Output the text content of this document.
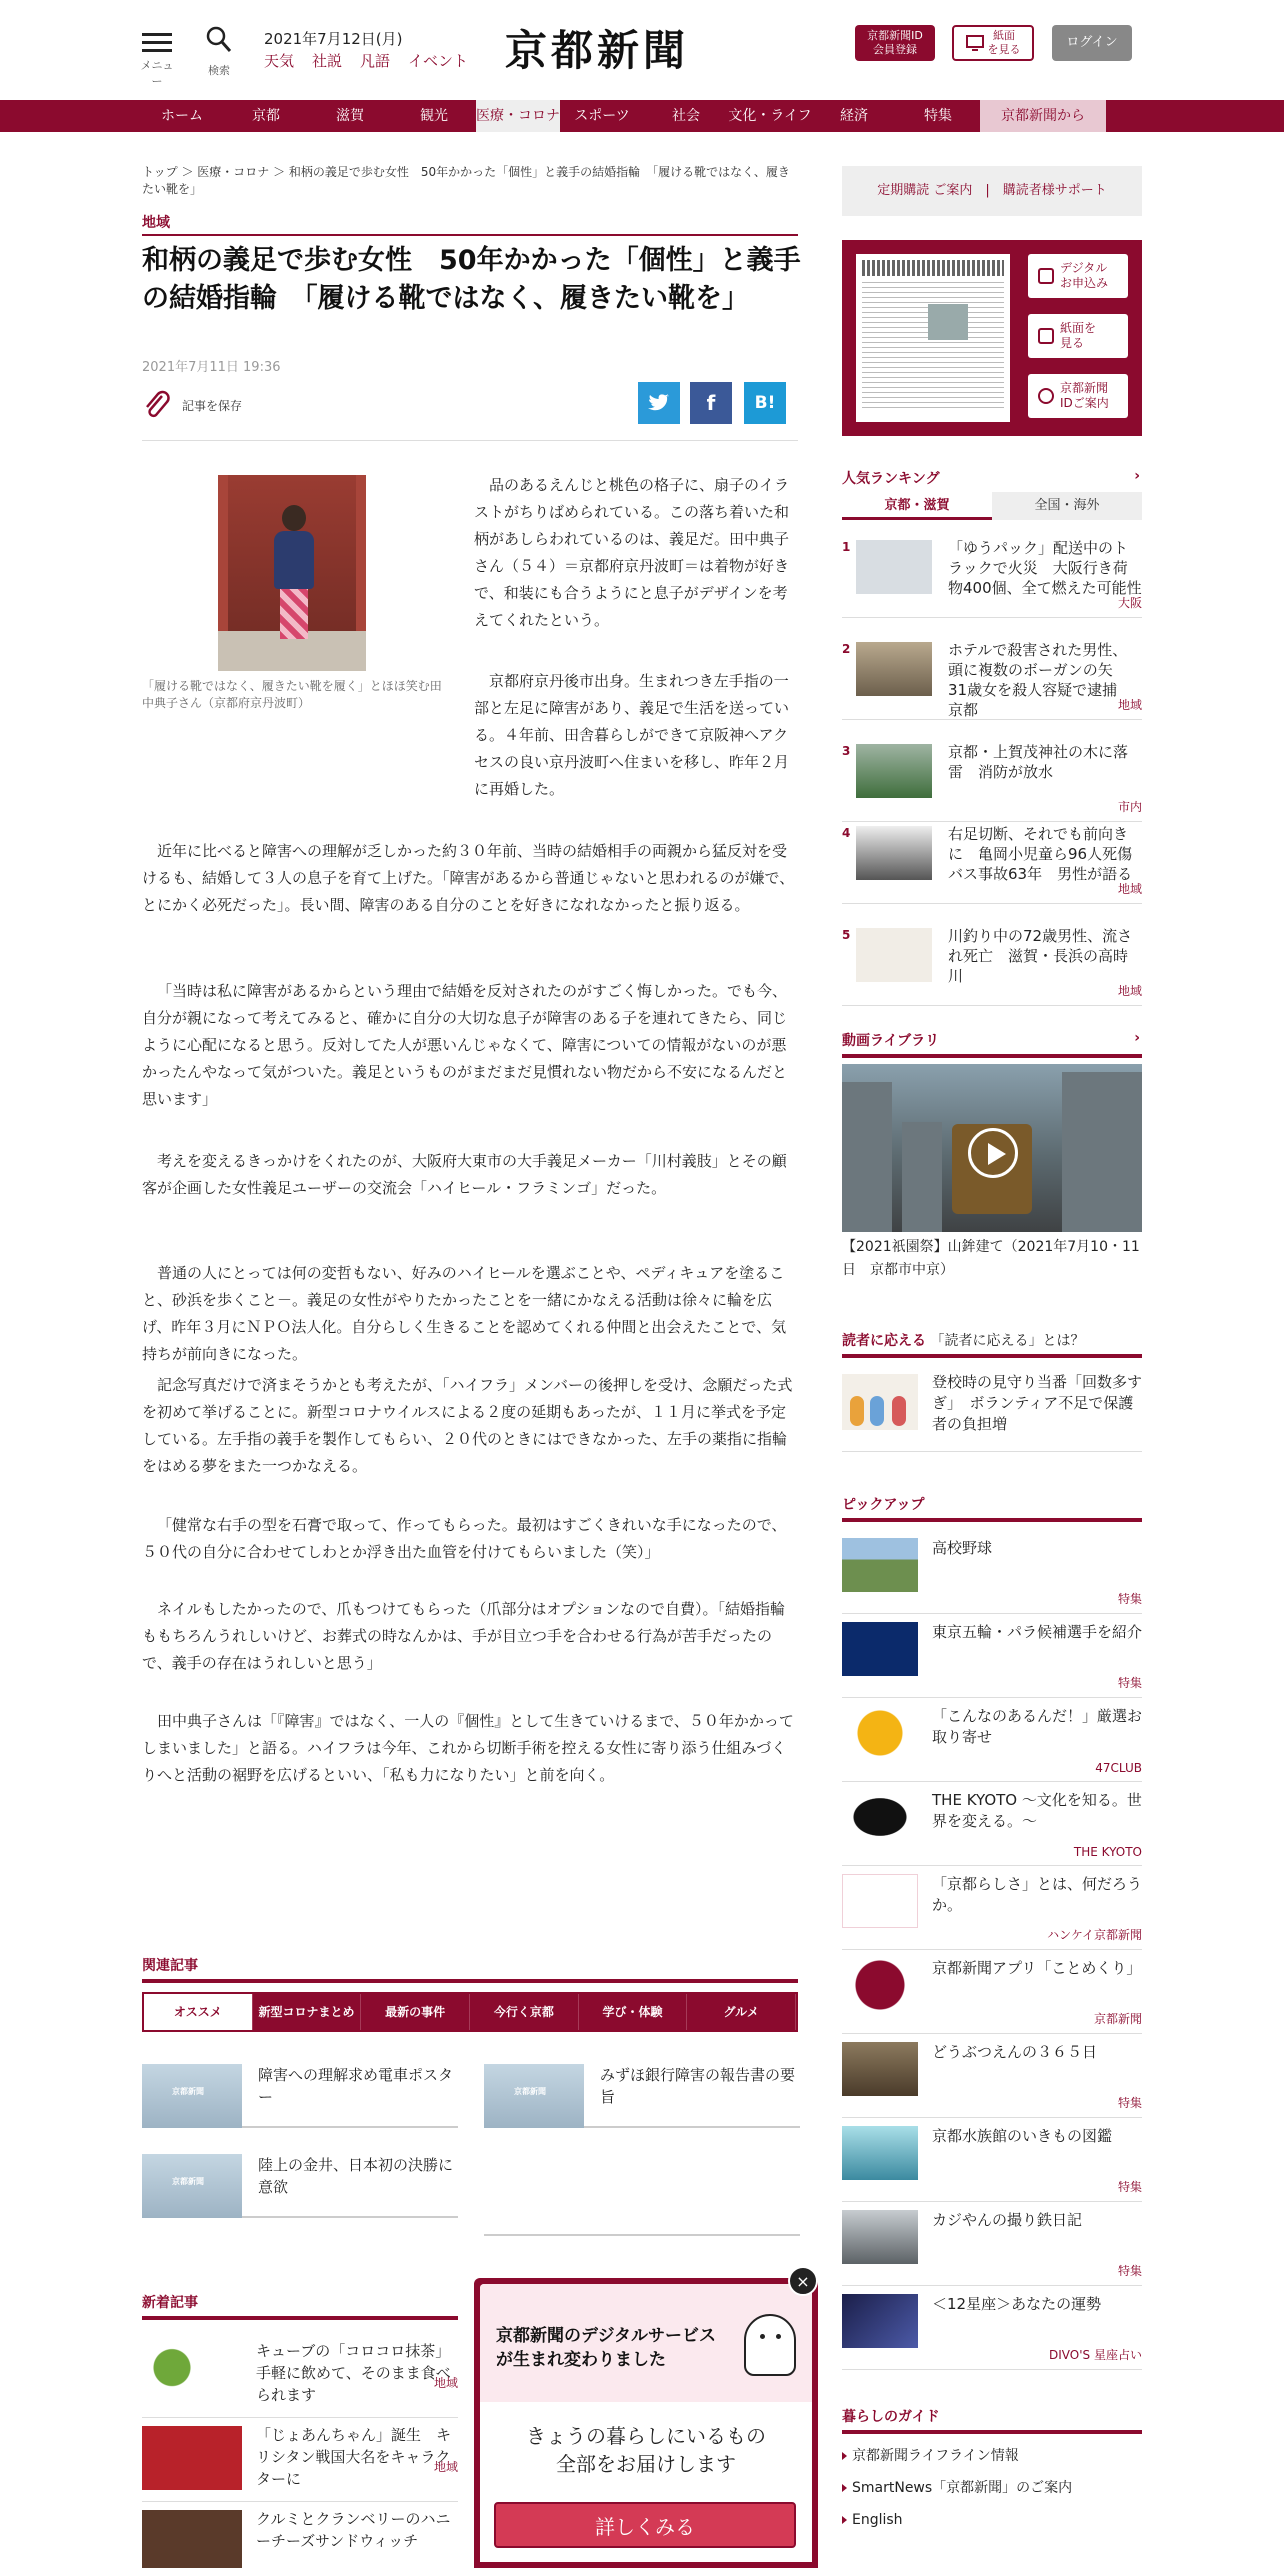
メニュー
検索
2021年7月12日(月)
天気 社説 凡語 イベント 京都新聞	京都新聞ID
会員登録
紙面
を見る	ログイン
ホーム	京都	滋賀	観光	医療・コロナ	スポーツ	社会	文化・ライフ	経済	特集	京都新聞から
トップ ＞ 医療・コロナ ＞ 和柄の義足で歩む女性　50年かかった「個性」と義手の結婚指輪　「履ける靴ではなく、履きたい靴を」
地域
和柄の義足で歩む女性　50年かかった「個性」と義手の結婚指輪　「履ける靴ではなく、履きたい靴を」
2021年7月11日 19:36
記事を保存	f	B!
「履ける靴ではなく、履きたい靴を履く」とほほ笑む田中典子さん（京都府京丹波町）

品のあるえんじと桃色の格子に、扇子のイラストがちりばめられている。この落ち着いた和柄があしらわれているのは、義足だ。田中典子さん（５４）＝京都府京丹波町＝は着物が好きで、和装にも合うようにと息子がデザインを考えてくれたという。

京都府京丹後市出身。生まれつき左手指の一部と左足に障害があり、義足で生活を送っている。４年前、田舎暮らしができて京阪神へアクセスの良い京丹波町へ住まいを移し、昨年２月に再婚した。

近年に比べると障害への理解が乏しかった約３０年前、当時の結婚相手の両親から猛反対を受けるも、結婚して３人の息子を育て上げた。「障害があるから普通じゃないと思われるのが嫌で、とにかく必死だった」。長い間、障害のある自分のことを好きになれなかったと振り返る。

「当時は私に障害があるからという理由で結婚を反対されたのがすごく悔しかった。でも今、自分が親になって考えてみると、確かに自分の大切な息子が障害のある子を連れてきたら、同じように心配になると思う。反対してた人が悪いんじゃなくて、障害についての情報がないのが悪かったんやなって気がついた。義足というものがまだまだ見慣れない物だから不安になるんだと思います」

考えを変えるきっかけをくれたのが、大阪府大東市の大手義足メーカー「川村義肢」とその顧客が企画した女性義足ユーザーの交流会「ハイヒール・フラミンゴ」だった。

普通の人にとっては何の変哲もない、好みのハイヒールを選ぶことや、ペディキュアを塗ること、砂浜を歩くこと－。義足の女性がやりたかったことを一緒にかなえる活動は徐々に輪を広げ、昨年３月にＮＰＯ法人化。自分らしく生きることを認めてくれる仲間と出会えたことで、気持ちが前向きになった。

記念写真だけで済まそうかとも考えたが、「ハイフラ」メンバーの後押しを受け、念願だった式を初めて挙げることに。新型コロナウイルスによる２度の延期もあったが、１１月に挙式を予定している。左手指の義手を製作してもらい、２０代のときにはできなかった、左手の薬指に指輪をはめる夢をまた一つかなえる。

「健常な右手の型を石膏で取って、作ってもらった。最初はすごくきれいな手になったので、５０代の自分に合わせてしわとか浮き出た血管を付けてもらいました（笑）」

ネイルもしたかったので、爪もつけてもらった（爪部分はオプションなので自費）。「結婚指輪ももちろんうれしいけど、お葬式の時なんかは、手が目立つ手を合わせる行為が苦手だったので、義手の存在はうれしいと思う」

田中典子さんは「『障害』ではなく、一人の『個性』として生きていけるまで、５０年かかってしまいました」と語る。ハイフラは今年、これから切断手術を控える女性に寄り添う仕組みづくりへと活動の裾野を広げるといい、「私も力になりたい」と前を向く。

関連記事
オススメ	新型コロナまとめ	最新の事件	今行く京都	学び・体験	グルメ
京都新聞
障害への理解求め電車ポスター	京都新聞
みずほ銀行障害の報告書の要旨
京都新聞
陸上の金井、日本初の決勝に意欲
新着記事
キューブの「コロコロ抹茶」　手軽に飲めて、そのまま食べられます
地域
「じょあんちゃん」誕生　キリシタン戦国大名をキャラクターに
地域
クルミとクランベリーのハニーチーズサンドウィッチ
定期購読 ご案内　|　購読者様サポート
デジタル
お申込み
紙面を
見る
京都新聞
IDご案内
人気ランキング	›
京都・滋賀	全国・海外
1	「ゆうパック」配送中のトラックで火災　大阪行き荷物400個、全て燃えた可能性
大阪
2	ホテルで殺害された男性、頭に複数のボーガンの矢　31歳女を殺人容疑で逮捕　京都	地域
3	京都・上賀茂神社の木に落雷　消防が放水
市内
4	右足切断、それでも前向きに　亀岡小児童ら96人死傷バス事故63年　男性が語る
地域
5	川釣り中の72歳男性、流され死亡　滋賀・長浜の高時川
地域
動画ライブラリ	›
【2021祇園祭】山鉾建て（2021年7月10・11日　京都市中京）
読者に応える 「読者に応える」とは？
登校時の見守り当番「回数多すぎ」　ボランティア不足で保護者の負担増
ピックアップ
高校野球
特集
東京五輪・パラ候補選手を紹介
特集
「こんなのあるんだ！」厳選お取り寄せ
47CLUB
THE KYOTO ～文化を知る。世界を変える。～
THE KYOTO
「京都らしさ」とは、何だろうか。
ハンケイ京都新聞
京都新聞アプリ「ことめくり」
京都新聞
どうぶつえんの３６５日
特集
京都水族館のいきもの図鑑
特集
カジやんの撮り鉄日記
特集
＜12星座＞あなたの運勢
DIVO'S 星座占い
暮らしのガイド
京都新聞ライフライン情報
SmartNews「京都新聞」のご案内
English
京都新聞のデジタルサービスが生まれ変わりました
きょうの暮らしにいるもの
全部をお届けします
詳しくみる
×
